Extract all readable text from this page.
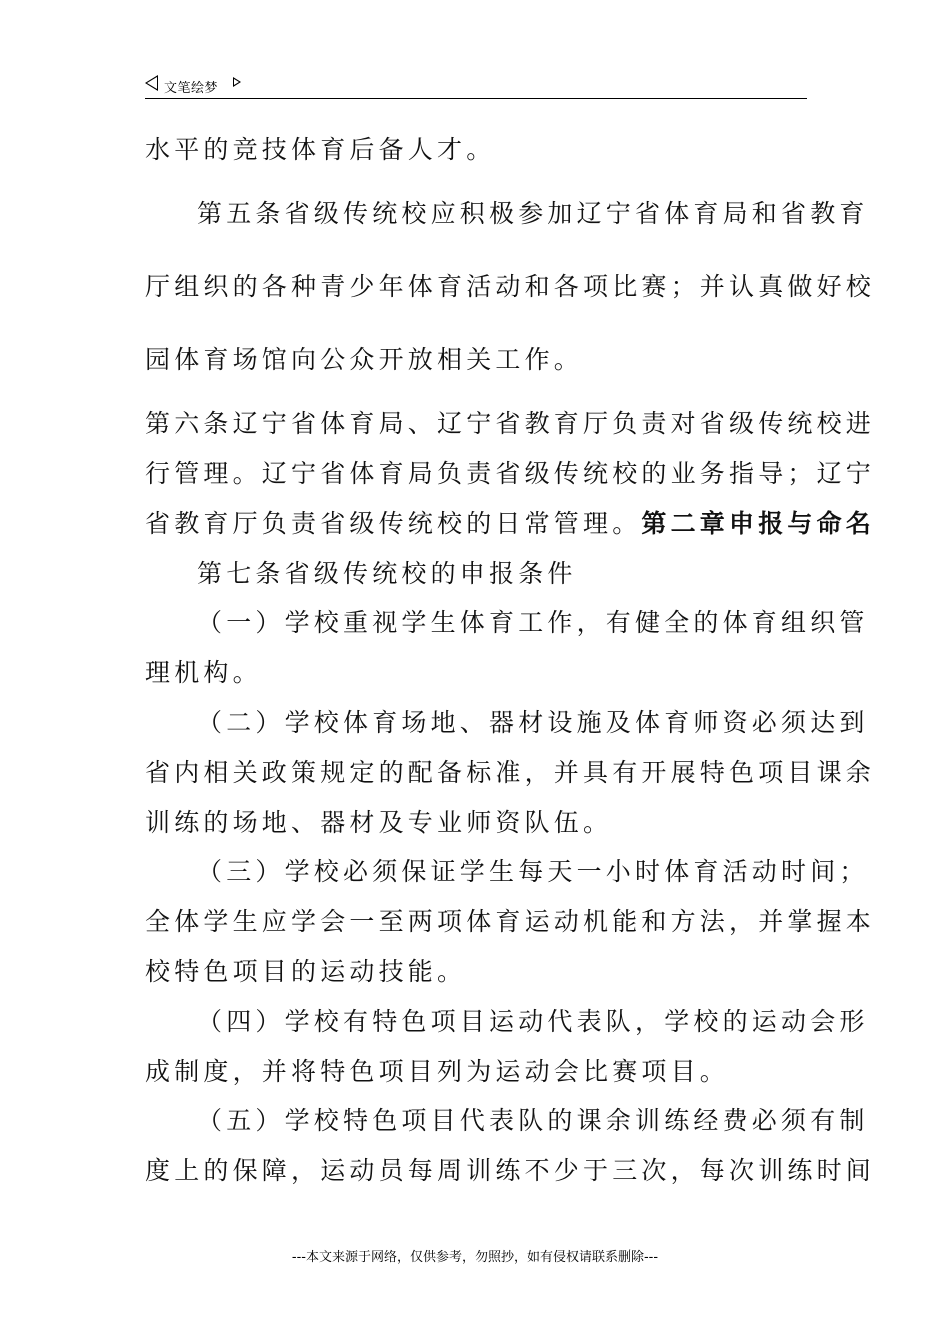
文笔绘梦
水平的竞技体育后备人才。
第五条省级传统校应积极参加辽宁省体育局和省教育
厅组织的各种青少年体育活动和各项比赛；并认真做好校
园体育场馆向公众开放相关工作。
第六条辽宁省体育局、辽宁省教育厅负责对省级传统校进
行管理。辽宁省体育局负责省级传统校的业务指导；辽宁
省教育厅负责省级传统校的日常管理。第二章申报与命名
第七条省级传统校的申报条件
（一）学校重视学生体育工作，有健全的体育组织管
理机构。
（二）学校体育场地、器材设施及体育师资必须达到
省内相关政策规定的配备标准，并具有开展特色项目课余
训练的场地、器材及专业师资队伍。
（三）学校必须保证学生每天一小时体育活动时间；
全体学生应学会一至两项体育运动机能和方法，并掌握本
校特色项目的运动技能。
（四）学校有特色项目运动代表队，学校的运动会形
成制度，并将特色项目列为运动会比赛项目。
（五）学校特色项目代表队的课余训练经费必须有制
度上的保障，运动员每周训练不少于三次，每次训练时间
---本文来源于网络，仅供参考，勿照抄，如有侵权请联系删除---
